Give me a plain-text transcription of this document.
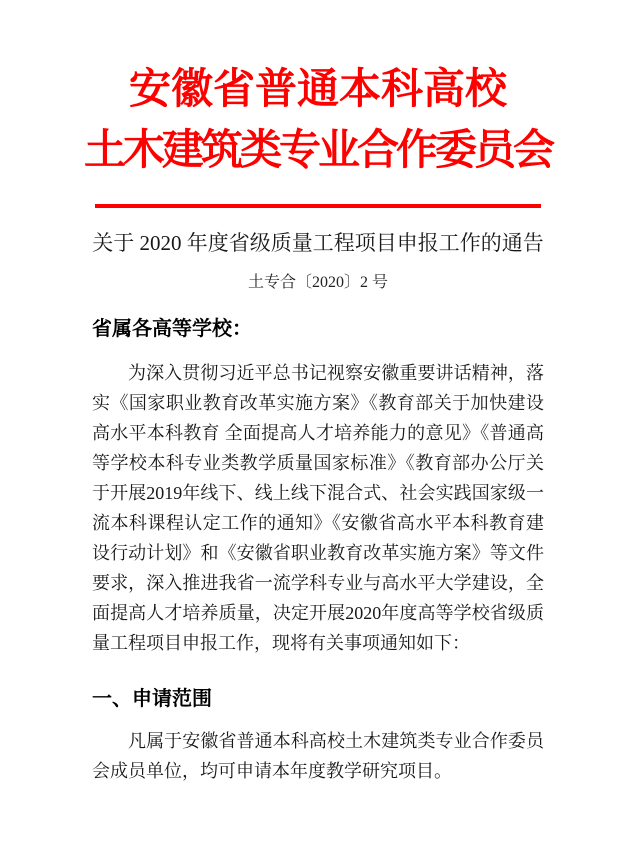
安徽省普通本科高校
土木建筑类专业合作委员会
关于 2020 年度省级质量工程项目申报工作的通告
土专合〔2020〕2 号
省属各高等学校：
为深入贯彻习近平总书记视察安徽重要讲话精神，落实《国家职业教育改革实施方案》《教育部关于加快建设高水平本科教育 全面提高人才培养能力的意见》《普通高等学校本科专业类教学质量国家标准》《教育部办公厅关于开展2019年线下、线上线下混合式、社会实践国家级一流本科课程认定工作的通知》《安徽省高水平本科教育建设行动计划》和《安徽省职业教育改革实施方案》等文件要求，深入推进我省一流学科专业与高水平大学建设，全面提高人才培养质量，决定开展2020年度高等学校省级质量工程项目申报工作，现将有关事项通知如下：
一、申请范围
凡属于安徽省普通本科高校土木建筑类专业合作委员会成员单位，均可申请本年度教学研究项目。
